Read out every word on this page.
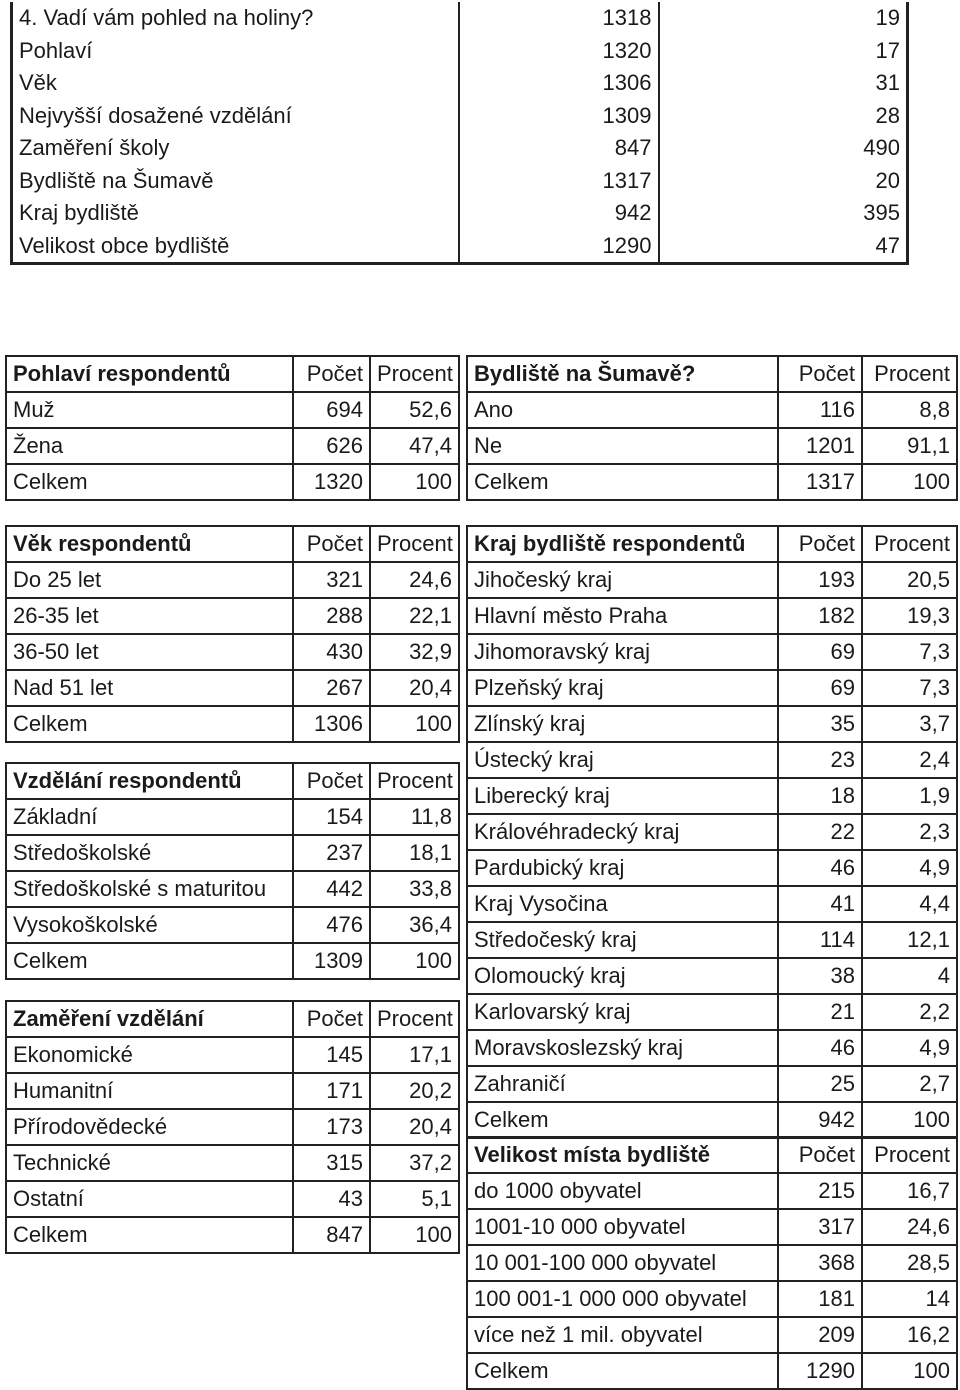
4. Vadí vám pohled na holiny?	1318	19
Pohlaví	1320	17
Věk	1306	31
Nejvyšší dosažené vzdělání	1309	28
Zaměření školy	847	490
Bydliště na Šumavě	1317	20
Kraj bydliště	942	395
Velikost obce bydliště	1290	47
Pohlaví respondentů	Počet	Procent
Muž	694	52,6
Žena	626	47,4
Celkem	1320	100
Věk respondentů	Počet	Procent
Do 25 let	321	24,6
26-35 let	288	22,1
36-50 let	430	32,9
Nad 51 let	267	20,4
Celkem	1306	100
Vzdělání respondentů	Počet	Procent
Základní	154	11,8
Středoškolské	237	18,1
Středoškolské s maturitou	442	33,8
Vysokoškolské	476	36,4
Celkem	1309	100
Zaměření vzdělání	Počet	Procent
Ekonomické	145	17,1
Humanitní	171	20,2
Přírodovědecké	173	20,4
Technické	315	37,2
Ostatní	43	5,1
Celkem	847	100
Bydliště na Šumavě?	Počet	Procent
Ano	116	8,8
Ne	1201	91,1
Celkem	1317	100
Kraj bydliště respondentů	Počet	Procent
Jihočeský kraj	193	20,5
Hlavní město Praha	182	19,3
Jihomoravský kraj	69	7,3
Plzeňský kraj	69	7,3
Zlínský kraj	35	3,7
Ústecký kraj	23	2,4
Liberecký kraj	18	1,9
Královéhradecký kraj	22	2,3
Pardubický kraj	46	4,9
Kraj Vysočina	41	4,4
Středočeský kraj	114	12,1
Olomoucký kraj	38	4
Karlovarský kraj	21	2,2
Moravskoslezský kraj	46	4,9
Zahraničí	25	2,7
Celkem	942	100
Velikost místa bydliště	Počet	Procent
do 1000 obyvatel	215	16,7
1001-10 000 obyvatel	317	24,6
10 001-100 000 obyvatel	368	28,5
100 001-1 000 000 obyvatel	181	14
více než 1 mil. obyvatel	209	16,2
Celkem	1290	100
